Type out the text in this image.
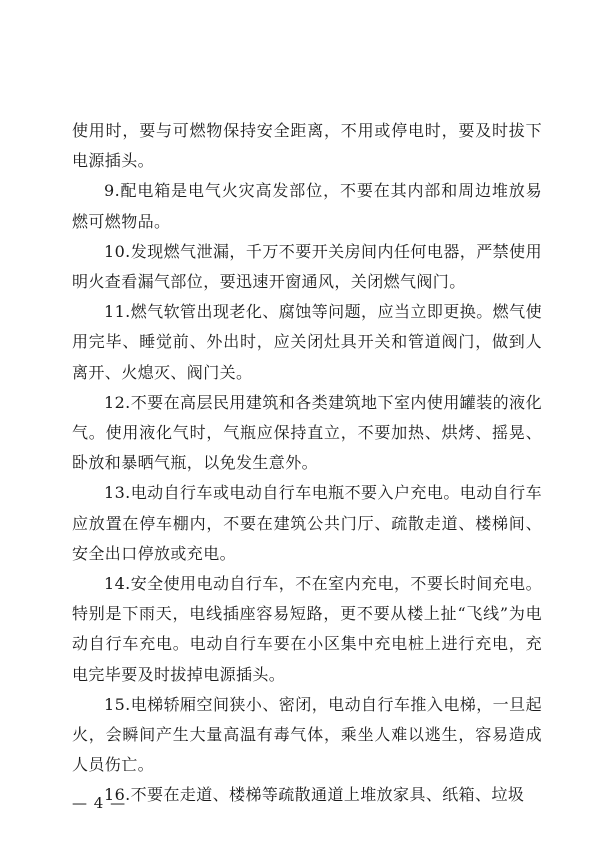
使用时，要与可燃物保持安全距离，不用或停电时，要及时拔下电源插头。

9.配电箱是电气火灾高发部位，不要在其内部和周边堆放易燃可燃物品。

10.发现燃气泄漏，千万不要开关房间内任何电器，严禁使用明火查看漏气部位，要迅速开窗通风，关闭燃气阀门。

11.燃气软管出现老化、腐蚀等问题，应当立即更换。燃气使用完毕、睡觉前、外出时，应关闭灶具开关和管道阀门，做到人离开、火熄灭、阀门关。

12.不要在高层民用建筑和各类建筑地下室内使用罐装的液化气。使用液化气时，气瓶应保持直立，不要加热、烘烤、摇晃、卧放和暴晒气瓶，以免发生意外。

13.电动自行车或电动自行车电瓶不要入户充电。电动自行车应放置在停车棚内，不要在建筑公共门厅、疏散走道、楼梯间、安全出口停放或充电。

14.安全使用电动自行车，不在室内充电，不要长时间充电。特别是下雨天，电线插座容易短路，更不要从楼上扯“飞线”为电动自行车充电。电动自行车要在小区集中充电桩上进行充电，充电完毕要及时拔掉电源插头。

15.电梯轿厢空间狭小、密闭，电动自行车推入电梯，一旦起火，会瞬间产生大量高温有毒气体，乘坐人难以逃生，容易造成人员伤亡。

16.不要在走道、楼梯等疏散通道上堆放家具、纸箱、垃圾

— 4 —
